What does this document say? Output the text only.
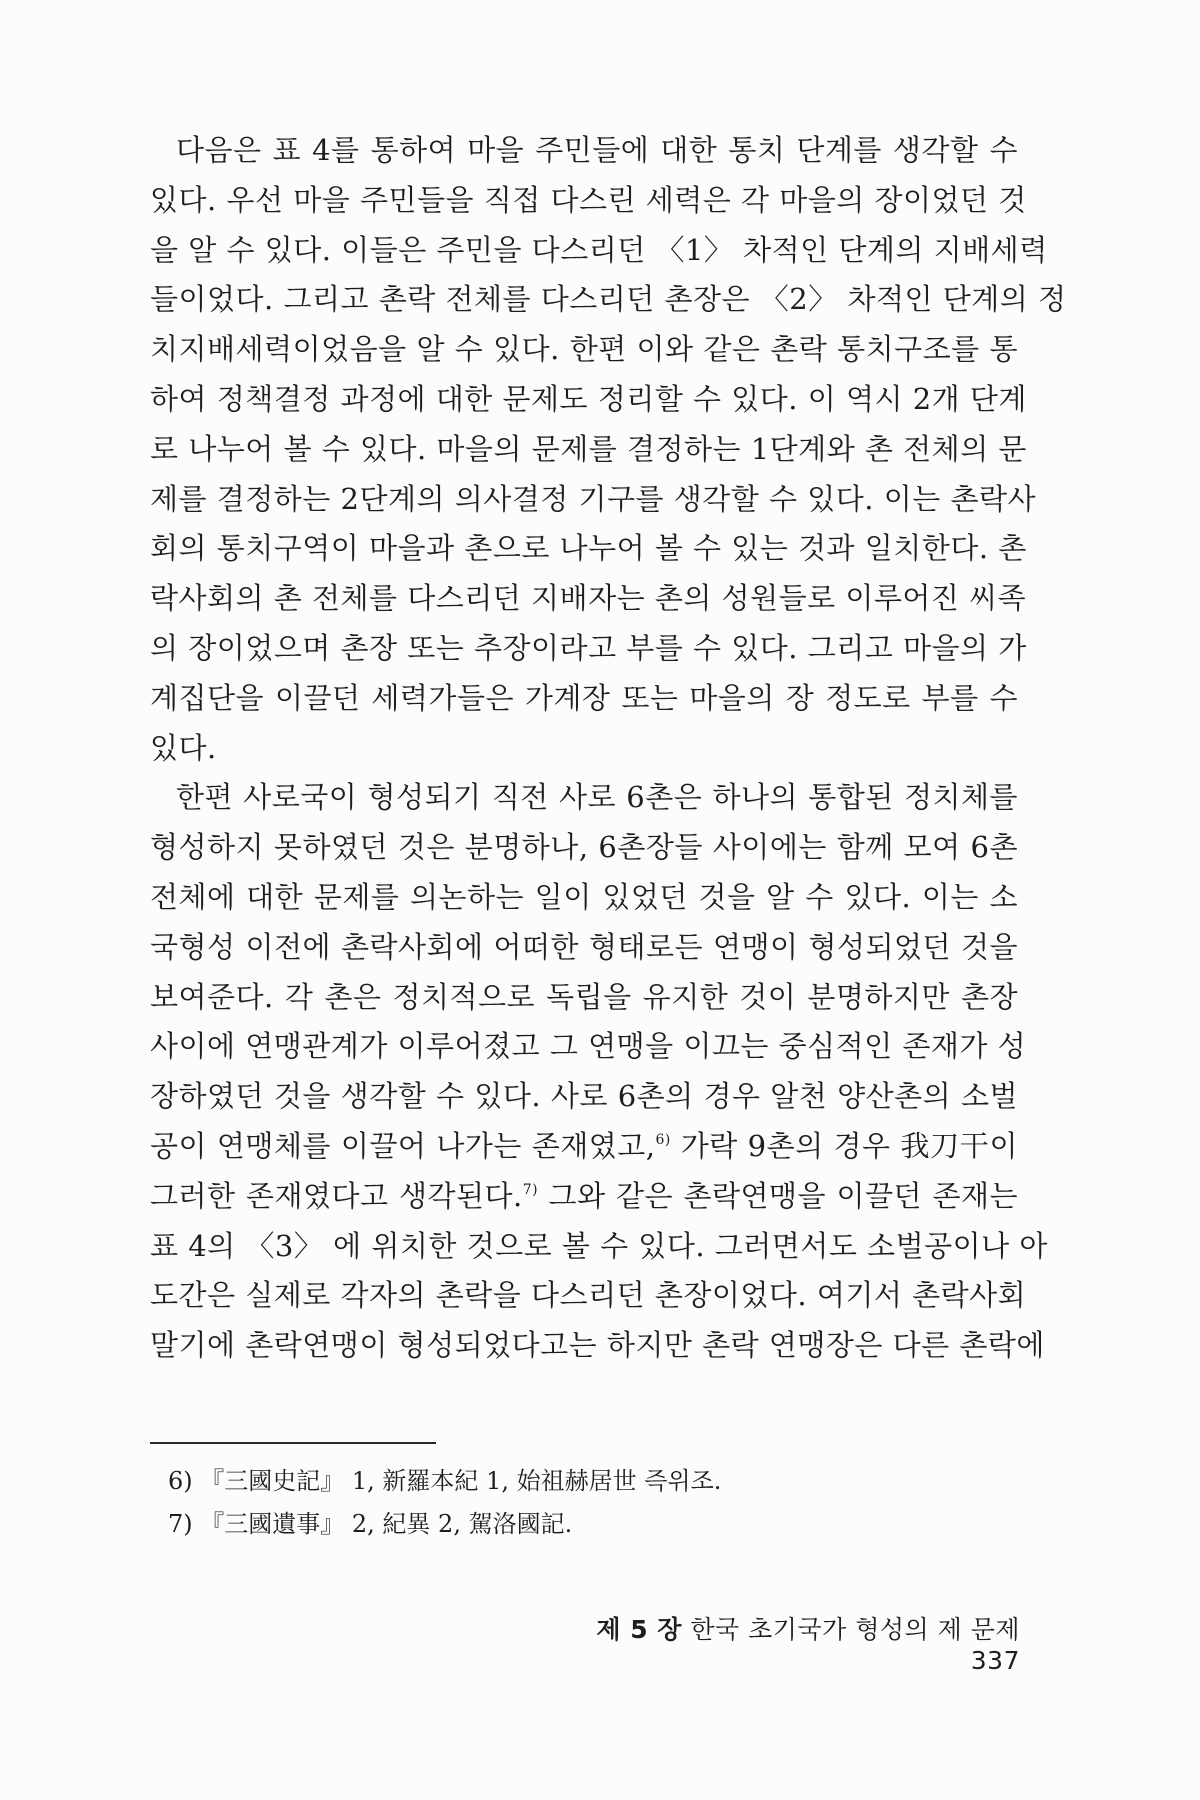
다음은 표 4를 통하여 마을 주민들에 대한 통치 단계를 생각할 수
있다. 우선 마을 주민들을 직접 다스린 세력은 각 마을의 장이었던 것
을 알 수 있다. 이들은 주민을 다스리던 〈1〉 차적인 단계의 지배세력
들이었다. 그리고 촌락 전체를 다스리던 촌장은 〈2〉 차적인 단계의 정
치지배세력이었음을 알 수 있다. 한편 이와 같은 촌락 통치구조를 통
하여 정책결정 과정에 대한 문제도 정리할 수 있다. 이 역시 2개 단계
로 나누어 볼 수 있다. 마을의 문제를 결정하는 1단계와 촌 전체의 문
제를 결정하는 2단계의 의사결정 기구를 생각할 수 있다. 이는 촌락사
회의 통치구역이 마을과 촌으로 나누어 볼 수 있는 것과 일치한다. 촌
락사회의 촌 전체를 다스리던 지배자는 촌의 성원들로 이루어진 씨족
의 장이었으며 촌장 또는 추장이라고 부를 수 있다. 그리고 마을의 가
계집단을 이끌던 세력가들은 가계장 또는 마을의 장 정도로 부를 수
있다.
한편 사로국이 형성되기 직전 사로 6촌은 하나의 통합된 정치체를
형성하지 못하였던 것은 분명하나, 6촌장들 사이에는 함께 모여 6촌
전체에 대한 문제를 의논하는 일이 있었던 것을 알 수 있다. 이는 소
국형성 이전에 촌락사회에 어떠한 형태로든 연맹이 형성되었던 것을
보여준다. 각 촌은 정치적으로 독립을 유지한 것이 분명하지만 촌장
사이에 연맹관계가 이루어졌고 그 연맹을 이끄는 중심적인 존재가 성
장하였던 것을 생각할 수 있다. 사로 6촌의 경우 알천 양산촌의 소벌
공이 연맹체를 이끌어 나가는 존재였고,$^{6)}$ 가락 9촌의 경우 我刀干이
그러한 존재였다고 생각된다.$^{7)}$ 그와 같은 촌락연맹을 이끌던 존재는
표 4의 〈3〉 에 위치한 것으로 볼 수 있다. 그러면서도 소벌공이나 아
도간은 실제로 각자의 촌락을 다스리던 촌장이었다. 여기서 촌락사회
말기에 촌락연맹이 형성되었다고는 하지만 촌락 연맹장은 다른 촌락에
6) 『三國史記』 1, 新羅本紀 1, 始祖赫居世 즉위조.
7) 『三國遺事』 2, 紀異 2, 駕洛國記.
제 5 장 한국 초기국가 형성의 제 문제 337
